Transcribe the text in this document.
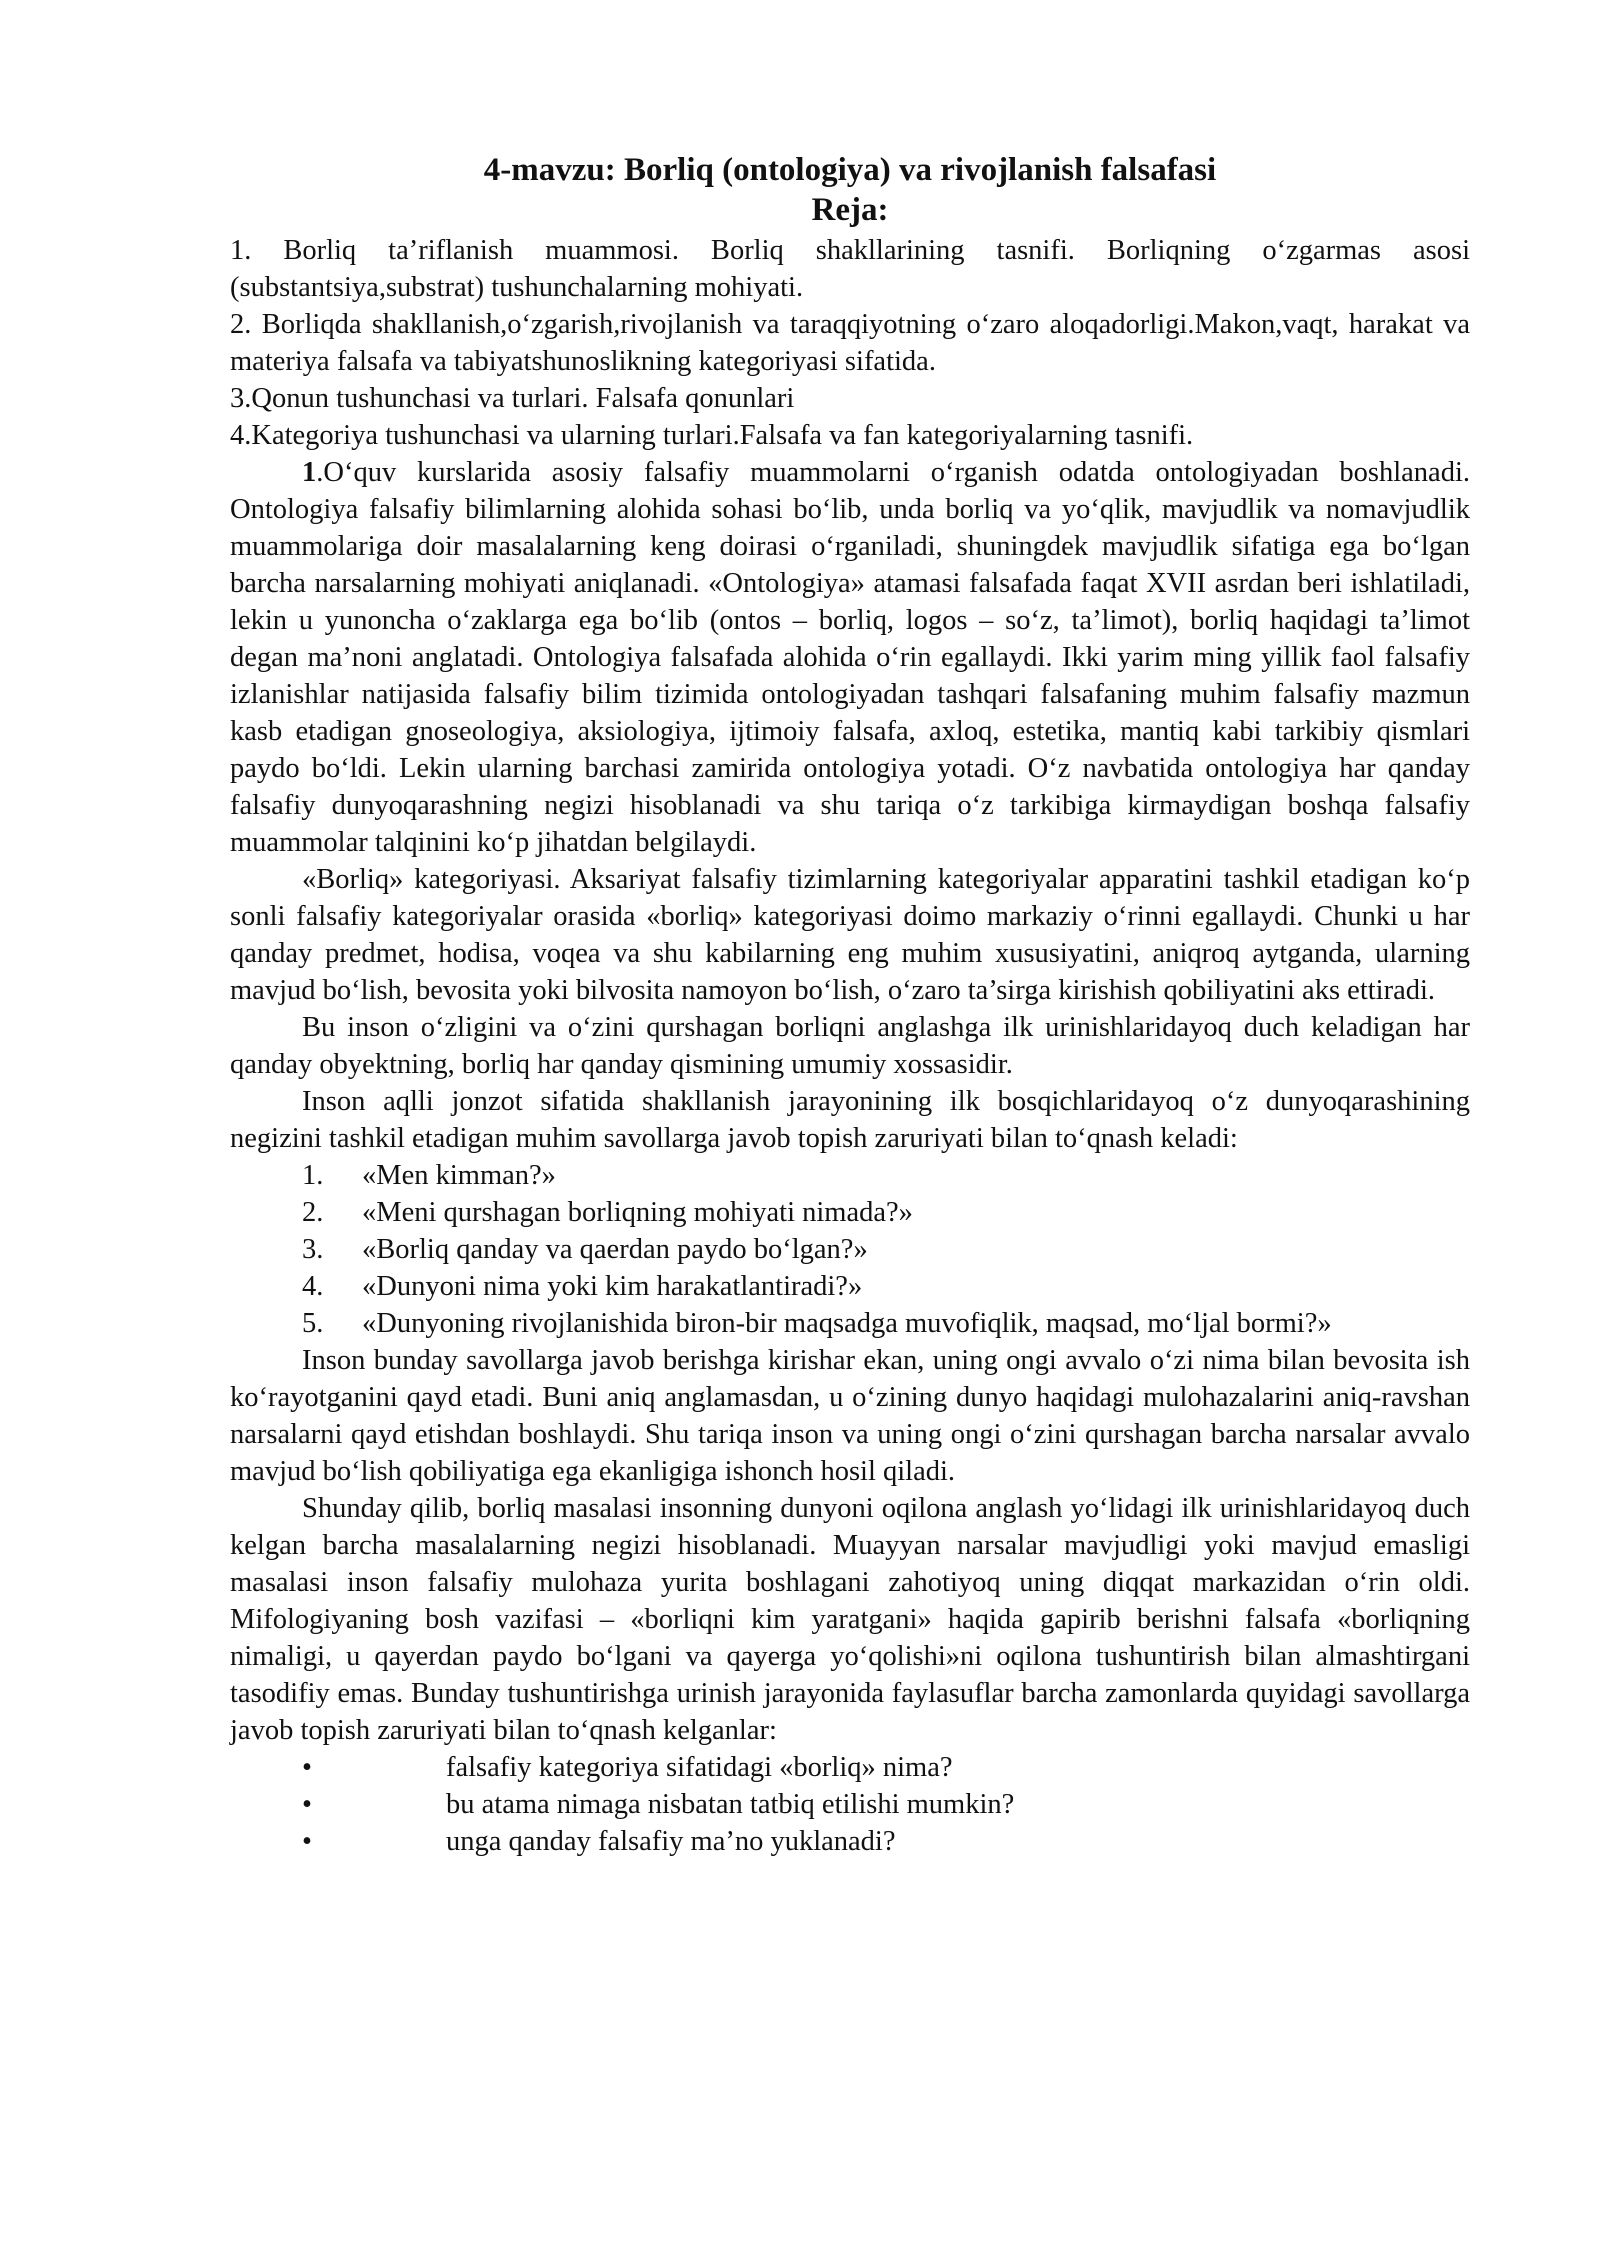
4-mavzu: Borliq (ontologiya) va rivojlanish falsafasi
Reja:

1. Borliq ta’riflanish muammosi. Borliq shakllarining tasnifi. Borliqning o‘zgarmas asosi (substantsiya,substrat) tushunchalarning mohiyati.

2. Borliqda shakllanish,o‘zgarish,rivojlanish va taraqqiyotning o‘zaro aloqadorligi.Makon,vaqt, harakat va materiya falsafa va tabiyatshunoslikning kategoriyasi sifatida.

3.Qonun tushunchasi va turlari. Falsafa qonunlari

4.Kategoriya tushunchasi va ularning turlari.Falsafa va fan kategoriyalarning tasnifi.

1.O‘quv kurslarida asosiy falsafiy muammolarni o‘rganish odatda ontologiyadan boshlanadi. Ontologiya falsafiy bilimlarning alohida sohasi bo‘lib, unda borliq va yo‘qlik, mavjudlik va nomavjudlik muammolariga doir masalalarning keng doirasi o‘rganiladi, shuningdek mavjudlik sifatiga ega bo‘lgan barcha narsalarning mohiyati aniqlanadi. «Ontologiya» atamasi falsafada faqat XVII asrdan beri ishlatiladi, lekin u yunoncha o‘zaklarga ega bo‘lib (ontos – borliq, logos – so‘z, ta’limot), borliq haqidagi ta’limot degan ma’noni anglatadi. Ontologiya falsafada alohida o‘rin egallaydi. Ikki yarim ming yillik faol falsafiy izlanishlar natijasida falsafiy bilim tizimida ontologiyadan tashqari falsafaning muhim falsafiy mazmun kasb etadigan gnoseologiya, aksiologiya, ijtimoiy falsafa, axloq, estetika, mantiq kabi tarkibiy qismlari paydo bo‘ldi. Lekin ularning barchasi zamirida ontologiya yotadi. O‘z navbatida ontologiya har qanday falsafiy dunyoqarashning negizi hisoblanadi va shu tariqa o‘z tarkibiga kirmaydigan boshqa falsafiy muammolar talqinini ko‘p jihatdan belgilaydi.

«Borliq» kategoriyasi. Aksariyat falsafiy tizimlarning kategoriyalar apparatini tashkil etadigan ko‘p sonli falsafiy kategoriyalar orasida «borliq» kategoriyasi doimo markaziy o‘rinni egallaydi. Chunki u har qanday predmet, hodisa, voqea va shu kabilarning eng muhim xususiyatini, aniqroq aytganda, ularning mavjud bo‘lish, bevosita yoki bilvosita namoyon bo‘lish, o‘zaro ta’sirga kirishish qobiliyatini aks ettiradi.

Bu inson o‘zligini va o‘zini qurshagan borliqni anglashga ilk urinishlaridayoq duch keladigan har qanday obyektning, borliq har qanday qismining umumiy xossasidir.

Inson aqlli jonzot sifatida shakllanish jarayonining ilk bosqichlaridayoq o‘z dunyoqarashining negizini tashkil etadigan muhim savollarga javob topish zaruriyati bilan to‘qnash keladi:

1. «Men kimman?»
2. «Meni qurshagan borliqning mohiyati nimada?»
3. «Borliq qanday va qaerdan paydo bo‘lgan?»
4. «Dunyoni nima yoki kim harakatlantiradi?»
5. «Dunyoning rivojlanishida biron-bir maqsadga muvofiqlik, maqsad, mo‘ljal bormi?»

Inson bunday savollarga javob berishga kirishar ekan, uning ongi avvalo o‘zi nima bilan bevosita ish ko‘rayotganini qayd etadi. Buni aniq anglamasdan, u o‘zining dunyo haqidagi mulohazalarini aniq-ravshan narsalarni qayd etishdan boshlaydi. Shu tariqa inson va uning ongi o‘zini qurshagan barcha narsalar avvalo mavjud bo‘lish qobiliyatiga ega ekanligiga ishonch hosil qiladi.

Shunday qilib, borliq masalasi insonning dunyoni oqilona anglash yo‘lidagi ilk urinishlaridayoq duch kelgan barcha masalalarning negizi hisoblanadi. Muayyan narsalar mavjudligi yoki mavjud emasligi masalasi inson falsafiy mulohaza yurita boshlagani zahotiyoq uning diqqat markazidan o‘rin oldi. Mifologiyaning bosh vazifasi – «borliqni kim yaratgani» haqida gapirib berishni falsafa «borliqning nimaligi, u qayerdan paydo bo‘lgani va qayerga yo‘qolishi»ni oqilona tushuntirish bilan almashtirgani tasodifiy emas. Bunday tushuntirishga urinish jarayonida faylasuflar barcha zamonlarda quyidagi savollarga javob topish zaruriyati bilan to‘qnash kelganlar:

•	falsafiy kategoriya sifatidagi «borliq» nima?
•	bu atama nimaga nisbatan tatbiq etilishi mumkin?
•	unga qanday falsafiy ma’no yuklanadi?
